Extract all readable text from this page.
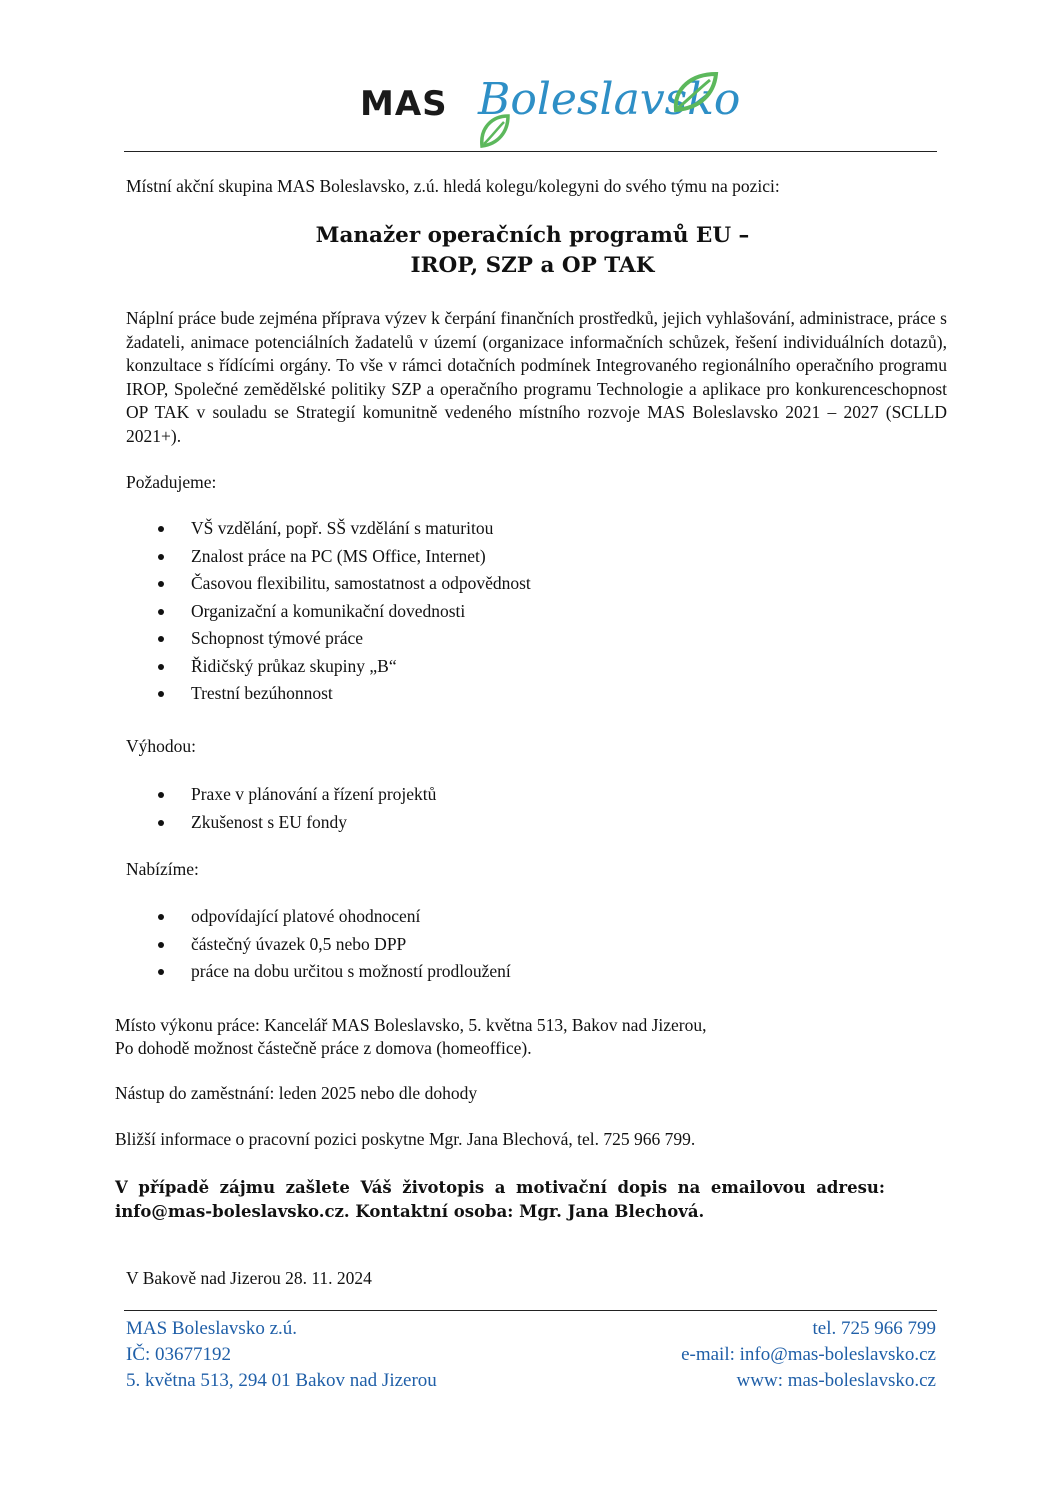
MAS Boleslavsko
Místní akční skupina MAS Boleslavsko, z.ú. hledá kolegu/kolegyni do svého týmu na pozici:
Manažer operačních programů EU –
IROP, SZP a OP TAK
Náplní práce bude zejména příprava výzev k čerpání finančních prostředků, jejich vyhlašování, administrace, práce s žadateli, animace potenciálních žadatelů v území (organizace informačních schůzek, řešení individuálních dotazů), konzultace s řídícími orgány. To vše v rámci dotačních podmínek Integrovaného regionálního operačního programu IROP, Společné zemědělské politiky SZP a operačního programu Technologie a aplikace pro konkurenceschopnost OP TAK v souladu se Strategií komunitně vedeného místního rozvoje MAS Boleslavsko 2021 – 2027 (SCLLD 2021+).
Požadujeme:
VŠ vzdělání, popř. SŠ vzdělání s maturitou
Znalost práce na PC (MS Office, Internet)
Časovou flexibilitu, samostatnost a odpovědnost
Organizační a komunikační dovednosti
Schopnost týmové práce
Řidičský průkaz skupiny „B“
Trestní bezúhonnost
Výhodou:
Praxe v plánování a řízení projektů
Zkušenost s EU fondy
Nabízíme:
odpovídající platové ohodnocení
částečný úvazek 0,5 nebo DPP
práce na dobu určitou s možností prodloužení
Místo výkonu práce: Kancelář MAS Boleslavsko, 5. května 513, Bakov nad Jizerou,
Po dohodě možnost částečně práce z domova (homeoffice).
Nástup do zaměstnání: leden 2025 nebo dle dohody
Bližší informace o pracovní pozici poskytne Mgr. Jana Blechová, tel. 725 966 799.
V případě zájmu zašlete Váš životopis a motivační dopis na emailovou adresu:
info@mas-boleslavsko.cz. Kontaktní osoba: Mgr. Jana Blechová.
V Bakově nad Jizerou 28. 11. 2024
MAS Boleslavsko z.ú.
IČ: 03677192
5. května 513, 294 01 Bakov nad Jizerou
tel. 725 966 799
e-mail: info@mas-boleslavsko.cz
www: mas-boleslavsko.cz
